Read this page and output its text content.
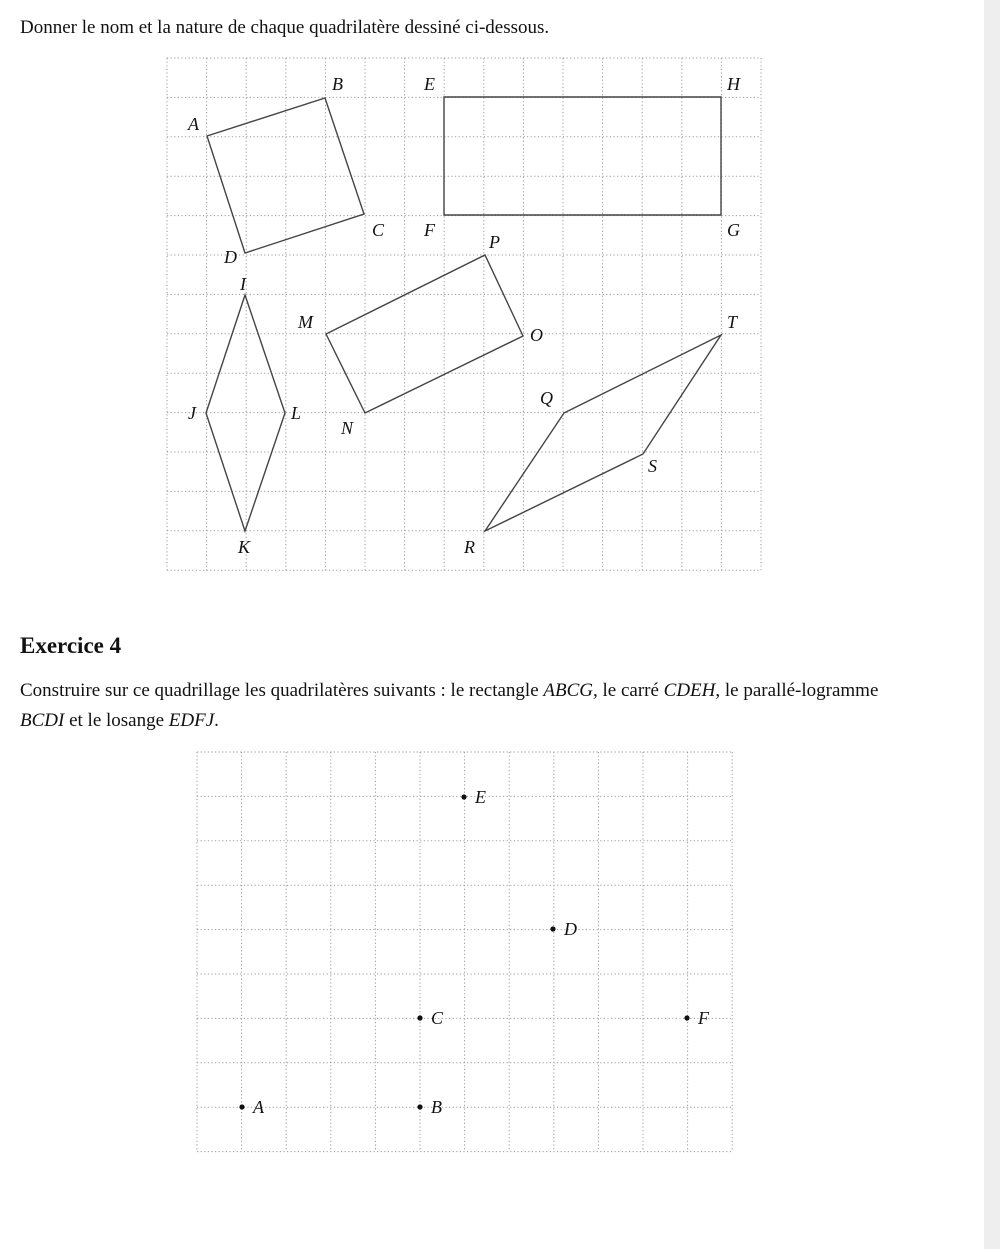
Donner le nom et la nature de chaque quadrilatère dessiné ci-dessous.

Exercice 4

Construire sur ce quadrillage les quadrilatères suivants : le rectangle ABCG, le carré CDEH, le parallé-logramme BCDI et le losange EDFJ.

B
A
C
D
E
F	G
H
I
J
K
L
M
N
O
P
Q
R
S
T
E
D
C	F
A	B
